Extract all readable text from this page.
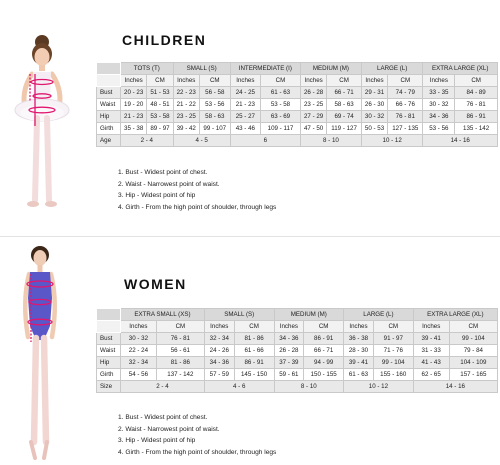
CHILDREN
	TOTS (T)		SMALL (S)		INTERMEDIATE (I)		MEDIUM (M)		LARGE (L)		EXTRA LARGE (XL)	
	Inches	CM	Inches	CM	Inches	CM	Inches	CM	Inches	CM	Inches	CM
Bust	20 - 23	51 - 53	22 - 23	56 - 58	24 - 25	61 - 63	26 - 28	66 - 71	29 - 31	74 - 79	33 - 35	84 - 89
Waist	19 - 20	48 - 51	21 - 22	53 - 56	21 - 23	53 - 58	23 - 25	58 - 63	26 - 30	66 - 76	30 - 32	76 - 81
Hip	21 - 23	53 - 58	23 - 25	58 - 63	25 - 27	63 - 69	27 - 29	69 - 74	30 - 32	76 - 81	34 - 36	86 - 91
Girth	35 - 38	89 - 97	39 - 42	99 - 107	43 - 46	109 - 117	47 - 50	119 - 127	50 - 53	127 - 135	53 - 56	135 - 142
Age	2 - 4		4 - 5		6		8 - 10		10 - 12		14 - 16	
1. Bust - Widest point of chest.
2. Waist - Narrowest point of waist.
3. Hip - Widest point of hip
4. Girth - From the high point of shoulder, through legs
WOMEN
	EXTRA SMALL (XS)		SMALL (S)		MEDIUM (M)		LARGE (L)		EXTRA LARGE (XL)	
	Inches	CM	Inches	CM	Inches	CM	Inches	CM	Inches	CM
Bust	30 - 32	76 - 81	32 - 34	81 - 86	34 - 36	86 - 91	36 - 38	91 - 97	39 - 41	99 - 104
Waist	22 - 24	56 - 61	24 - 26	61 - 66	26 - 28	66 - 71	28 - 30	71 - 76	31 - 33	79 - 84
Hip	32 - 34	81 - 86	34 - 36	86 - 91	37 - 39	94 - 99	39 - 41	99 - 104	41 - 43	104 - 109
Girth	54 - 56	137 - 142	57 - 59	145 - 150	59 - 61	150 - 155	61 - 63	155 - 160	62 - 65	157 - 165
Size	2 - 4		4 - 6		8 - 10		10 - 12		14 - 16	
1. Bust - Widest point of chest.
2. Waist - Narrowest point of waist.
3. Hip - Widest point of hip
4. Girth - From the high point of shoulder, through legs
